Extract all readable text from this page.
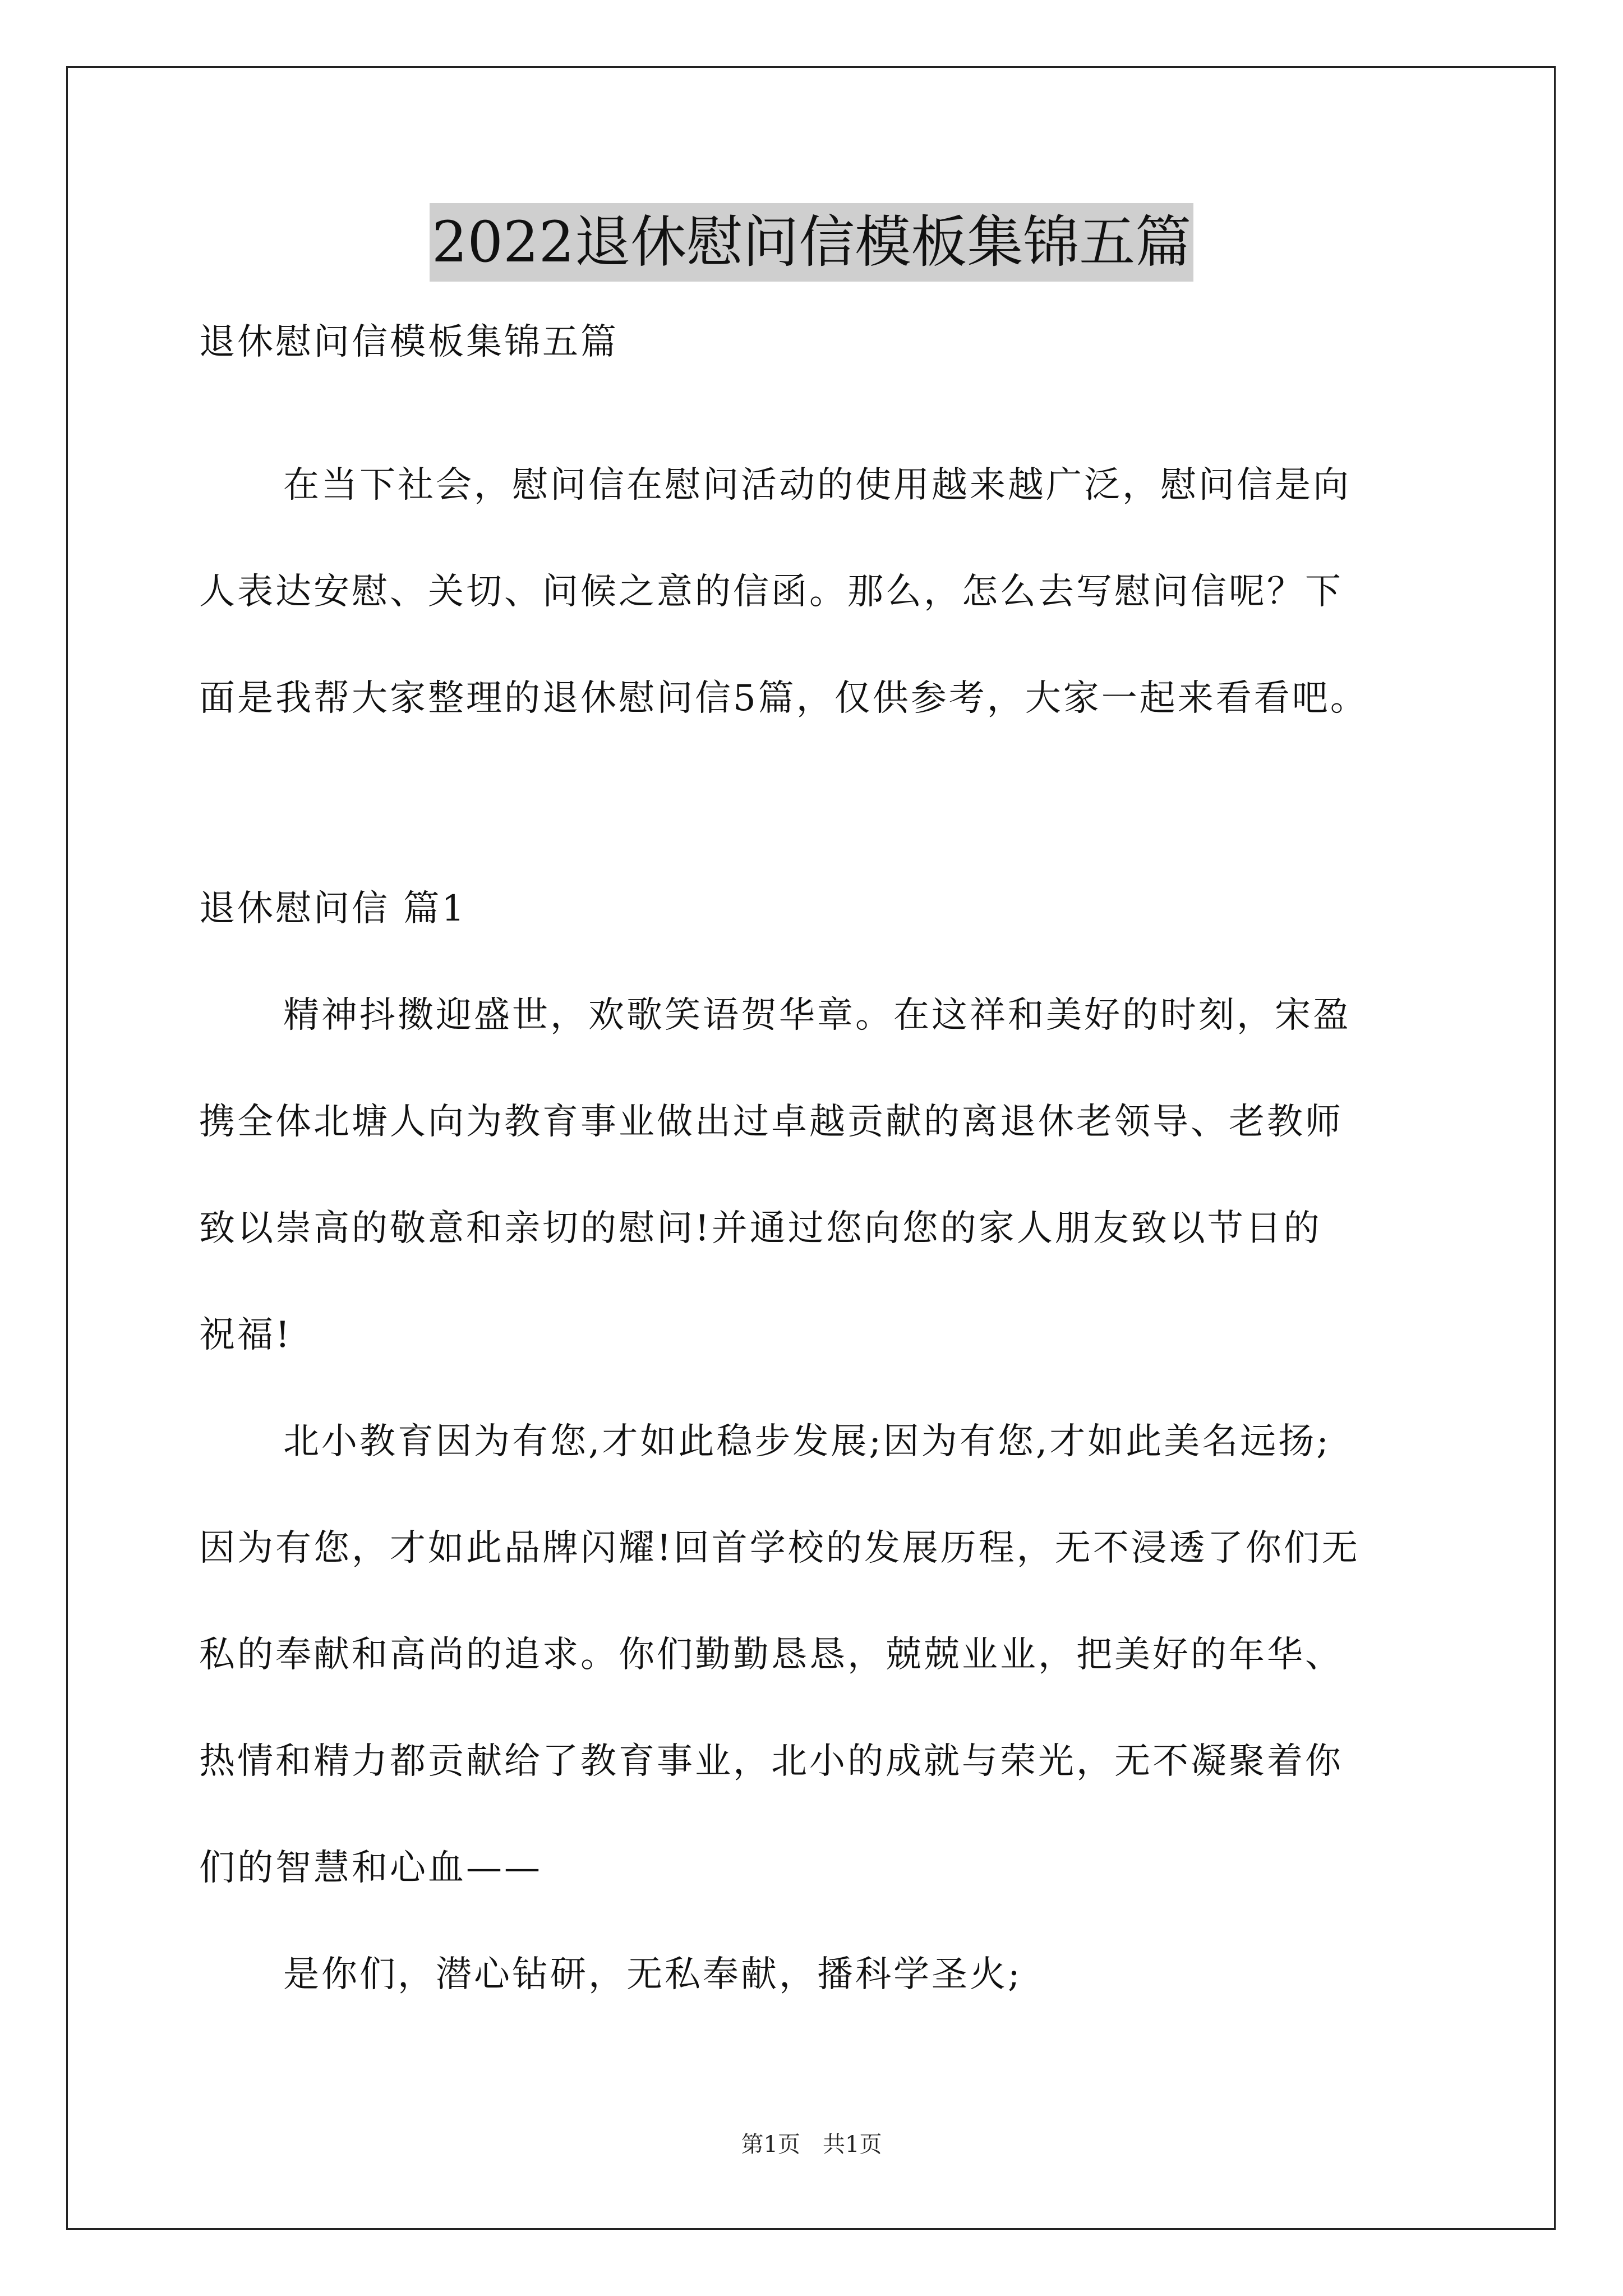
2022退休慰问信模板集锦五篇

退休慰问信模板集锦五篇

在当下社会，慰问信在慰问活动的使用越来越广泛，慰问信是向

人表达安慰、关切、问候之意的信函。那么，怎么去写慰问信呢？下

面是我帮大家整理的退休慰问信5篇，仅供参考，大家一起来看看吧。

退休慰问信 篇1

精神抖擞迎盛世，欢歌笑语贺华章。在这祥和美好的时刻，宋盈

携全体北塘人向为教育事业做出过卓越贡献的离退休老领导、老教师

致以崇高的敬意和亲切的慰问!并通过您向您的家人朋友致以节日的

祝福!

北小教育因为有您,才如此稳步发展;因为有您,才如此美名远扬;

因为有您，才如此品牌闪耀!回首学校的发展历程，无不浸透了你们无

私的奉献和高尚的追求。你们勤勤恳恳，兢兢业业，把美好的年华、

热情和精力都贡献给了教育事业，北小的成就与荣光，无不凝聚着你

们的智慧和心血——

是你们，潜心钻研，无私奉献，播科学圣火;

第1页　共1页
